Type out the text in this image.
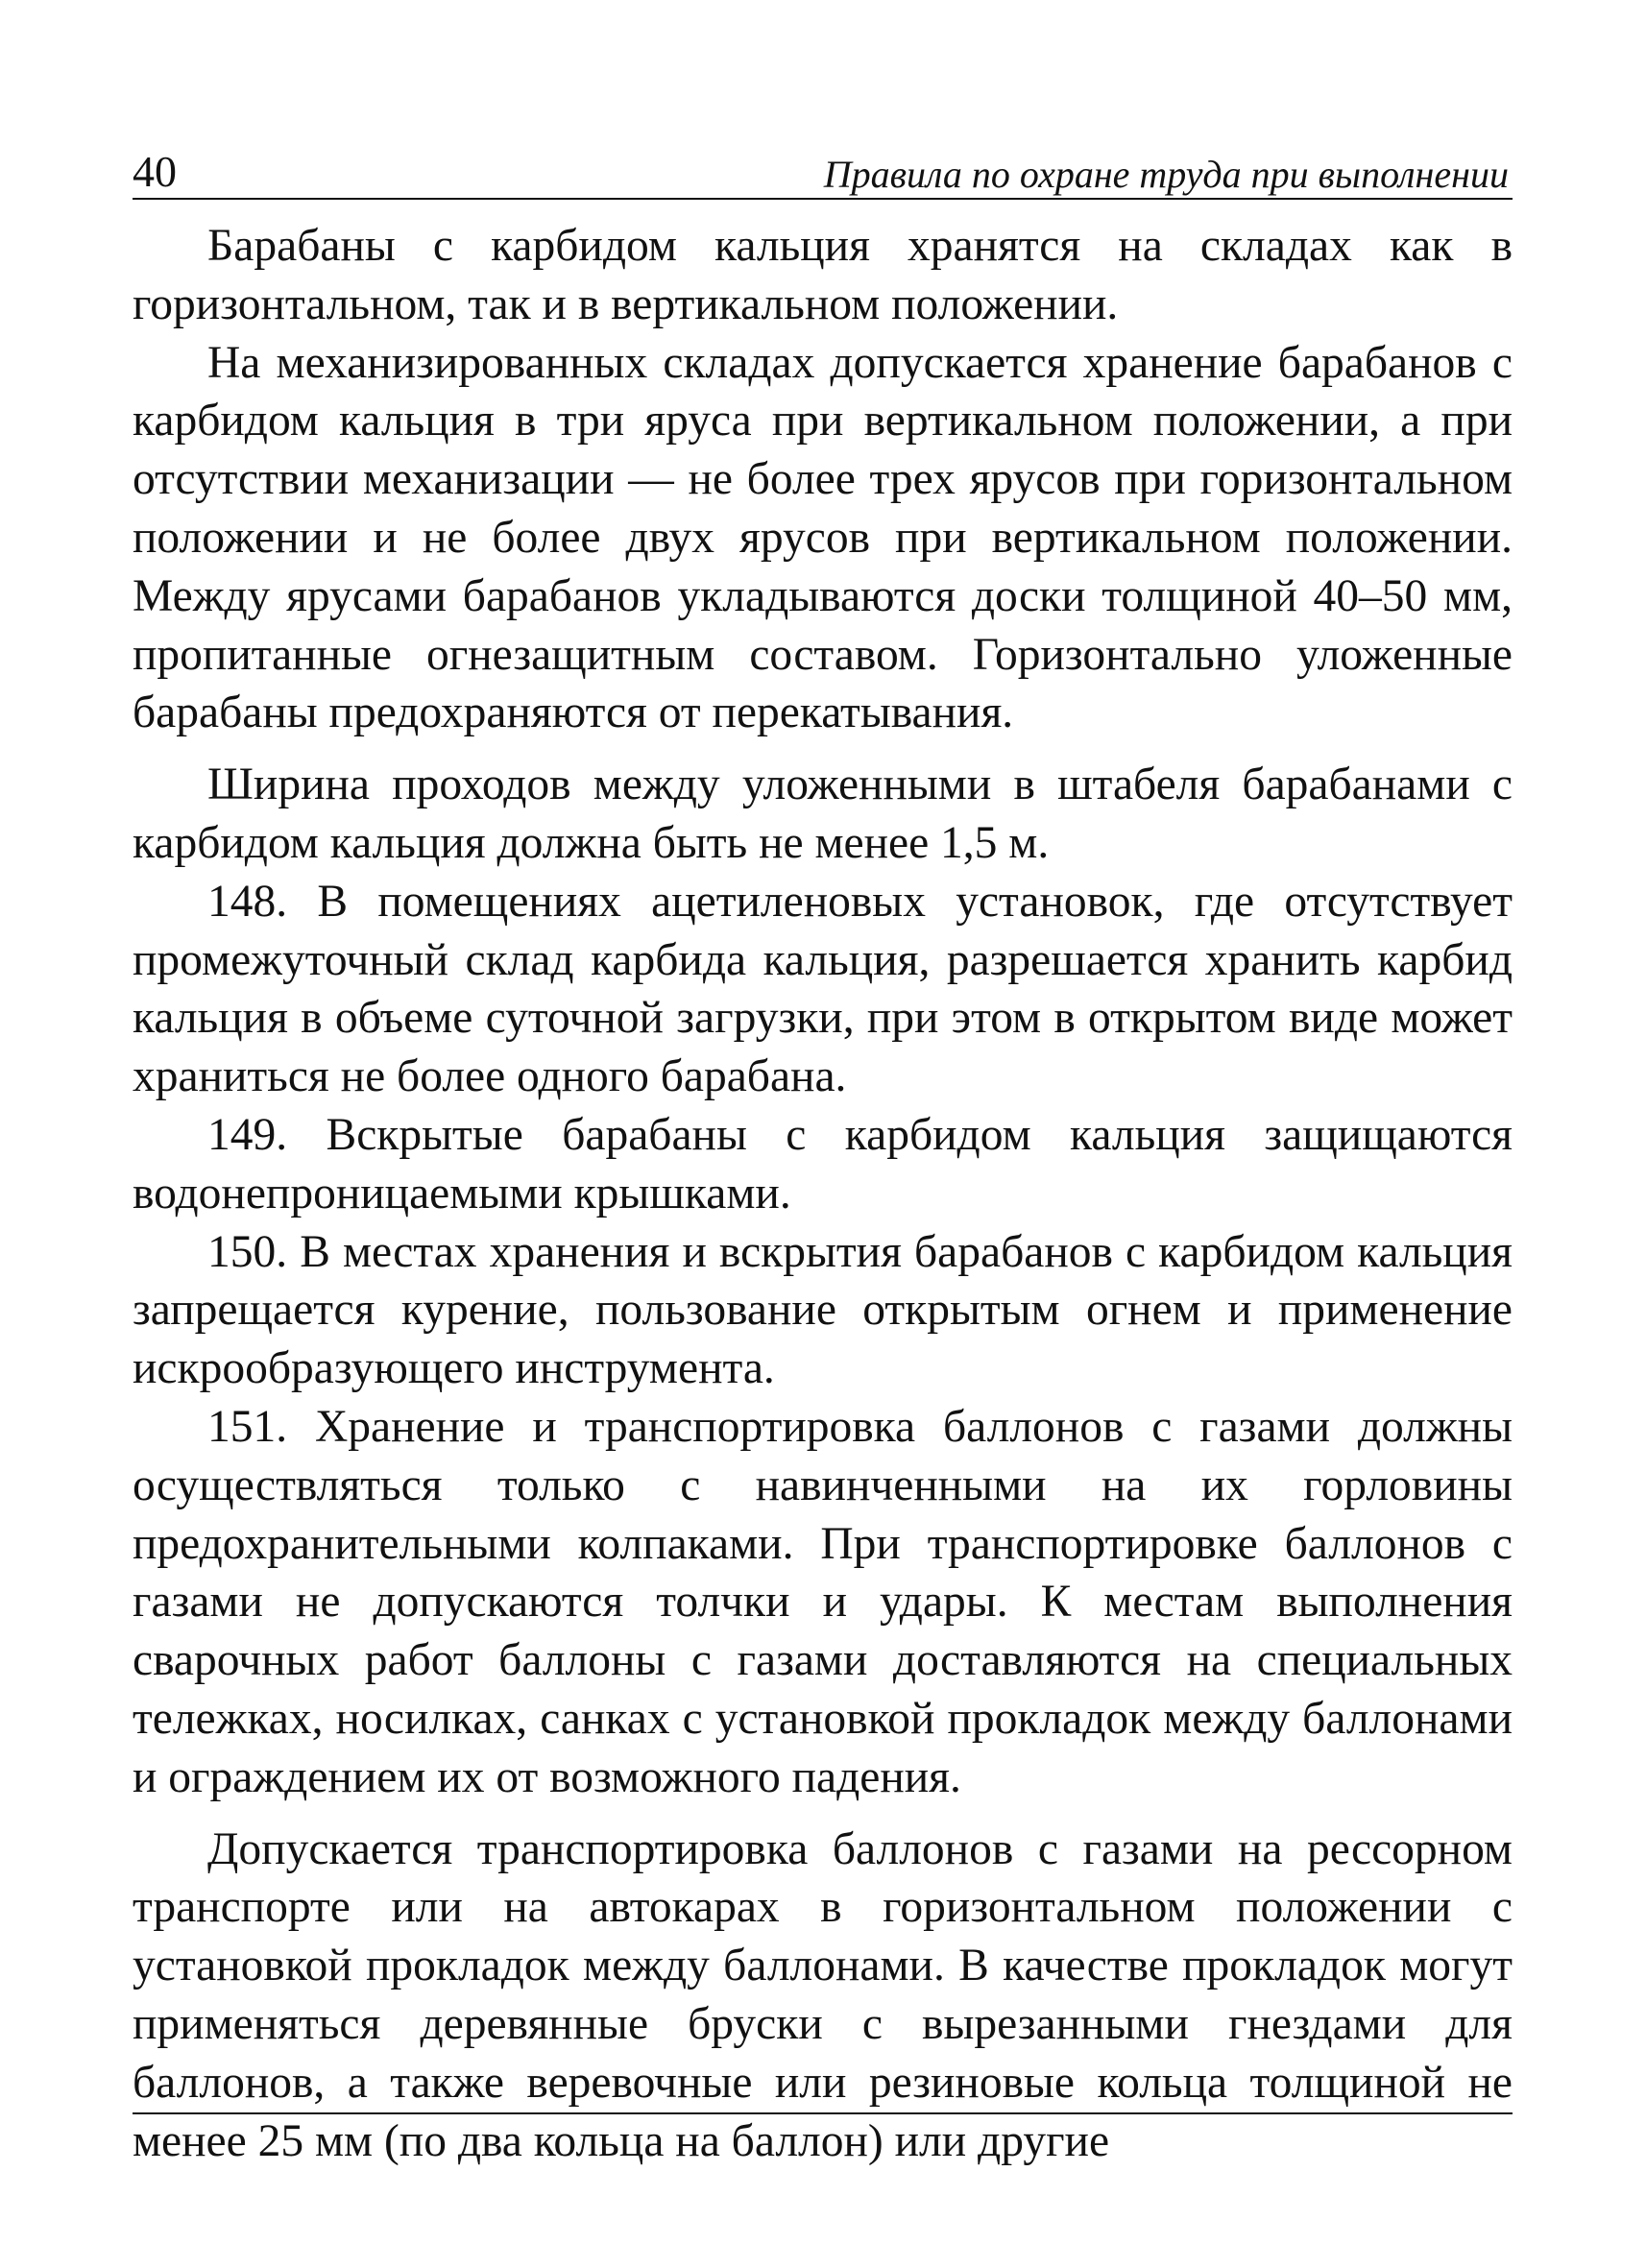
40	Правила по охране труда при выполнении

Барабаны с карбидом кальция хранятся на складах как в горизонтальном, так и в вертикальном положении.

На механизированных складах допускается хранение барабанов с карбидом кальция в три яруса при вертикальном положении, а при отсутствии механизации — не более трех ярусов при горизонтальном положении и не более двух ярусов при вертикальном положении. Между ярусами барабанов укладываются доски толщиной 40–50 мм, пропитанные огнезащитным составом. Горизонтально уложенные барабаны предохраняются от перекатывания.

Ширина проходов между уложенными в штабеля барабанами с карбидом кальция должна быть не менее 1,5 м.

148. В помещениях ацетиленовых установок, где отсутствует промежуточный склад карбида кальция, разрешается хранить карбид кальция в объеме суточной загрузки, при этом в открытом виде может храниться не более одного барабана.

149. Вскрытые барабаны с карбидом кальция защищаются водонепроницаемыми крышками.

150. В местах хранения и вскрытия барабанов с карбидом кальция запрещается курение, пользование открытым огнем и применение искрообразующего инструмента.

151. Хранение и транспортировка баллонов с газами должны осуществляться только с навинченными на их горловины предохранительными колпаками. При транспортировке баллонов с газами не допускаются толчки и удары. К местам выполнения сварочных работ баллоны с газами доставляются на специальных тележках, носилках, санках с установкой прокладок между баллонами и ограждением их от возможного падения.

Допускается транспортировка баллонов с газами на рессорном транспорте или на автокарах в горизонтальном положении с установкой прокладок между баллонами. В качестве прокладок могут применяться деревянные бруски с вырезанными гнездами для баллонов, а также веревочные или резиновые кольца толщиной не менее 25 мм (по два кольца на баллон) или другие
